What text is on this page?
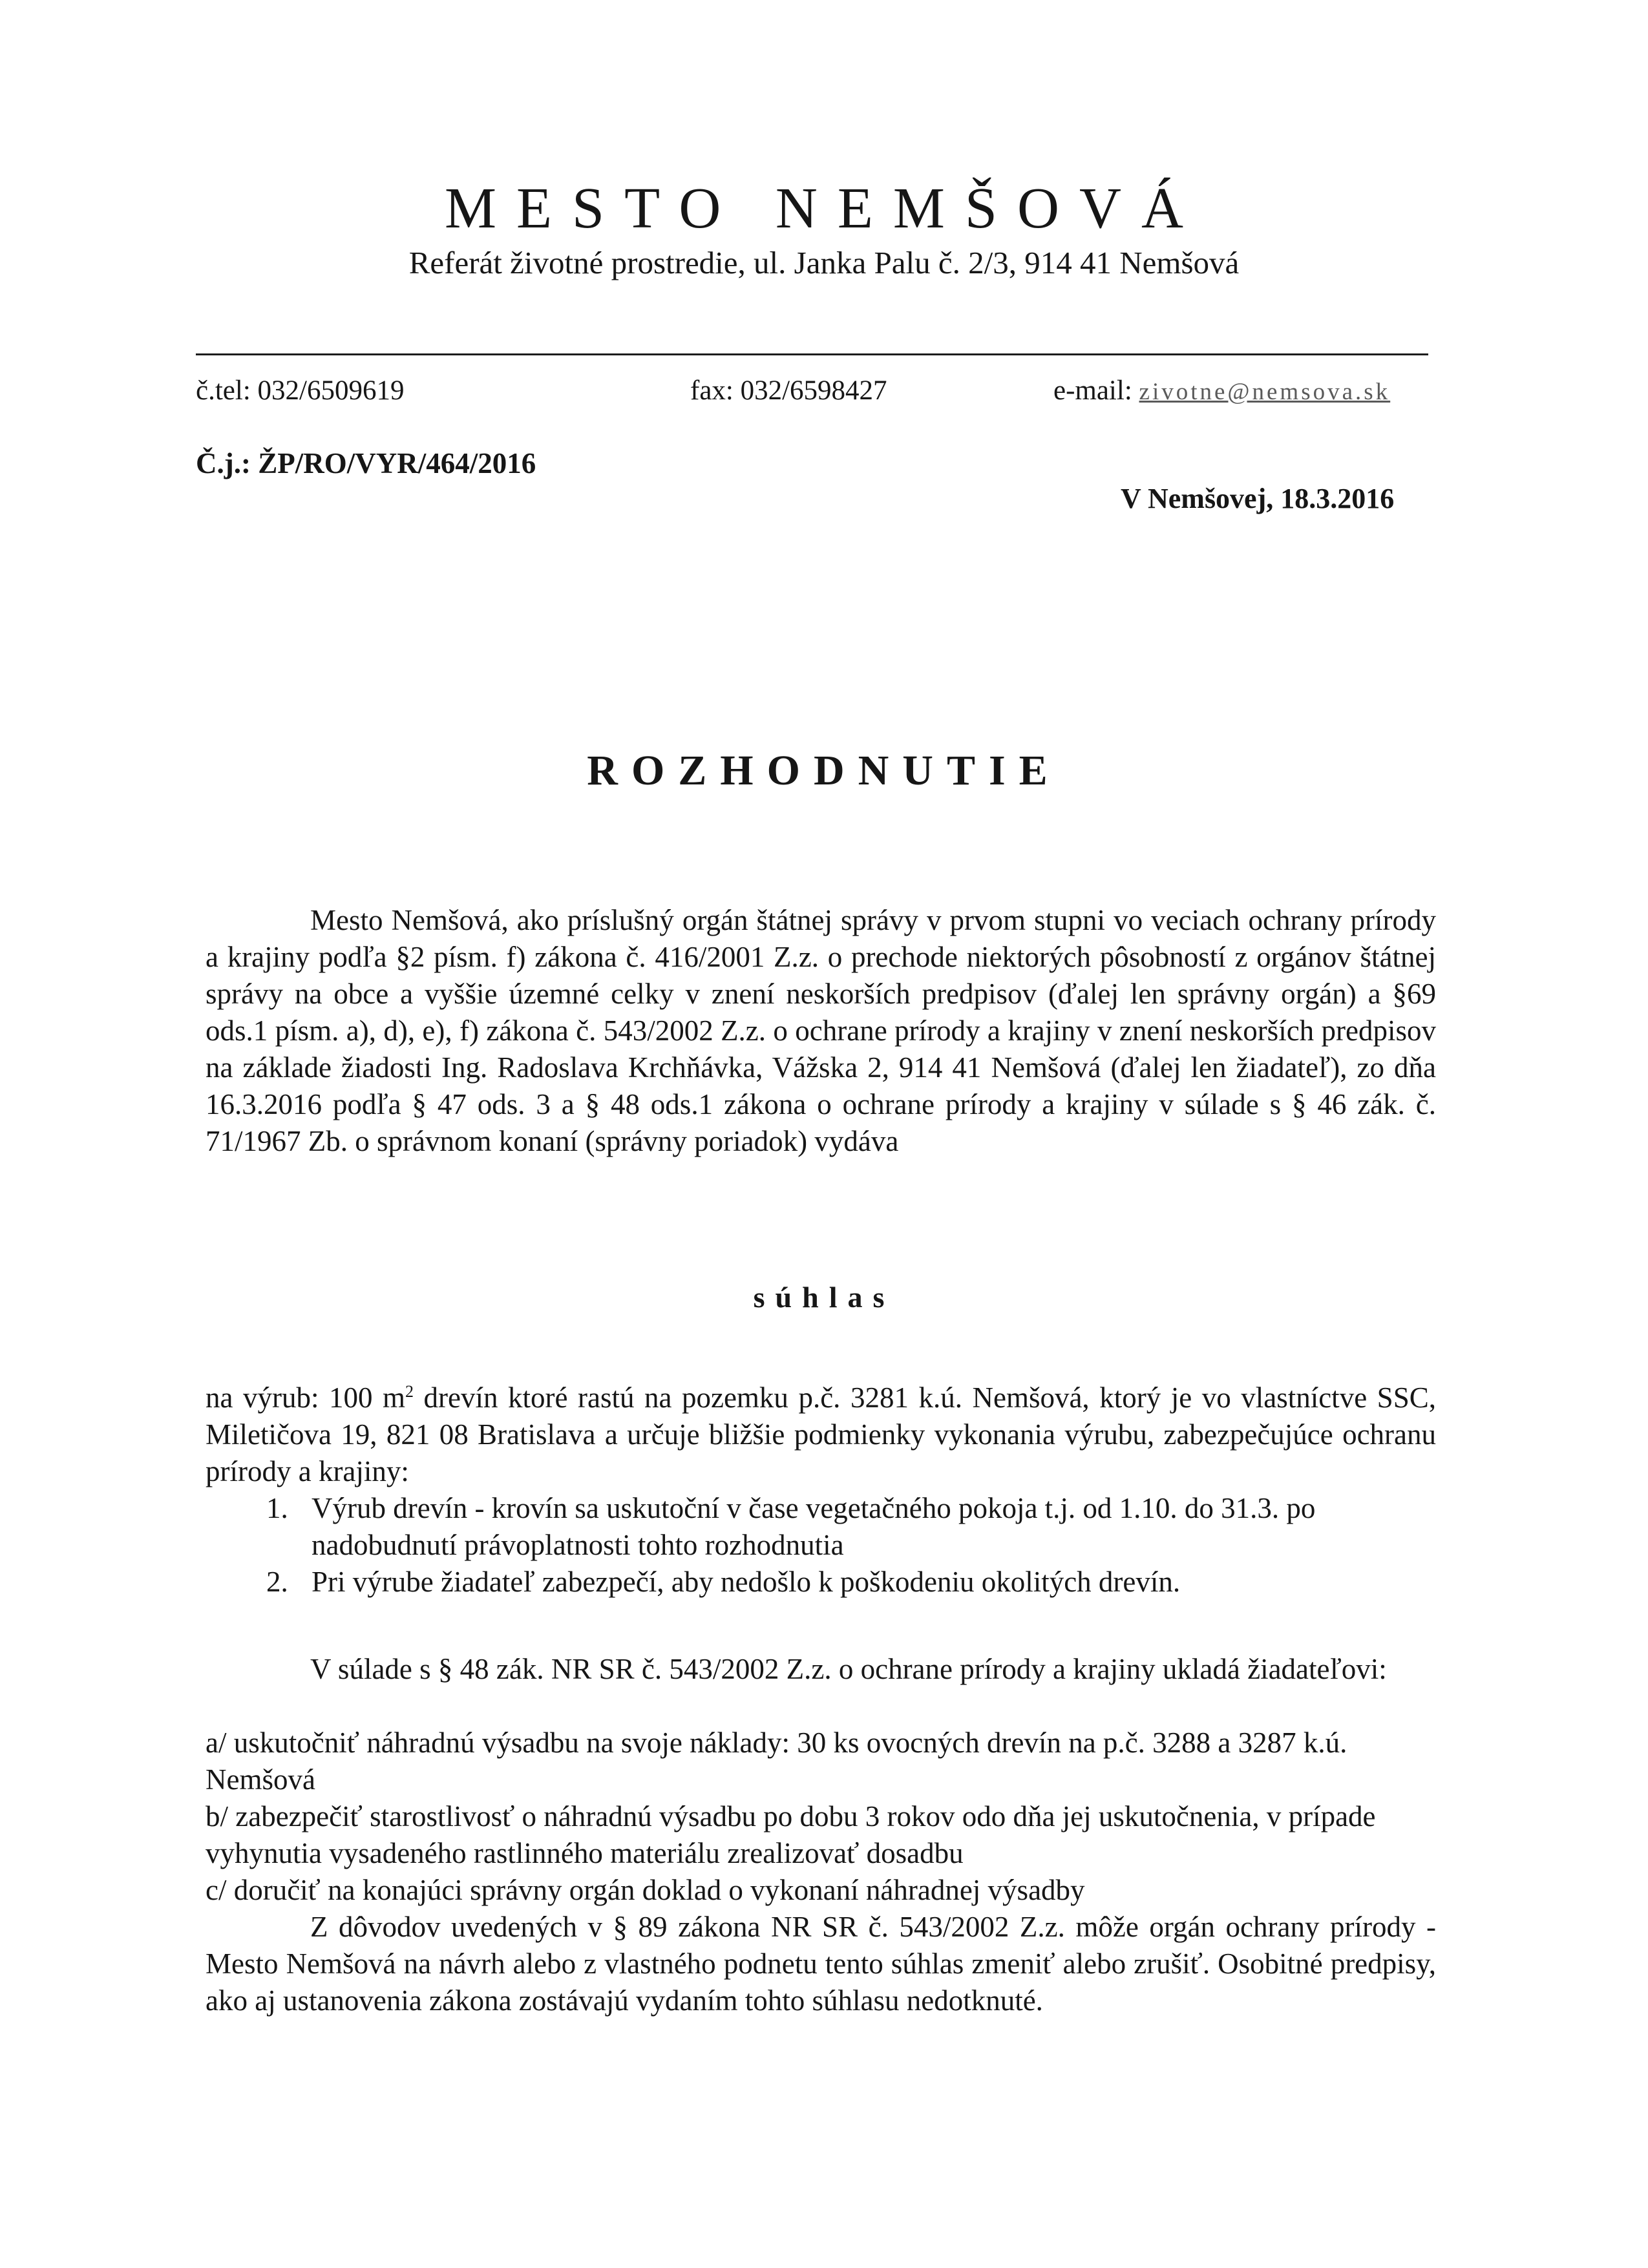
MESTO NEMŠOVÁ
Referát životné prostredie, ul. Janka Palu č. 2/3, 914 41 Nemšová
č.tel: 032/6509619	fax: 032/6598427	e-mail: zivotne@nemsova.sk
Č.j.: ŽP/RO/VYR/464/2016
V Nemšovej, 18.3.2016
ROZHODNUTIE

Mesto Nemšová, ako príslušný orgán štátnej správy v prvom stupni vo veciach ochrany prírody a krajiny podľa §2 písm. f) zákona č. 416/2001 Z.z. o prechode niektorých pôsobností z orgánov štátnej správy na obce a vyššie územné celky v znení neskorších predpisov (ďalej len správny orgán) a §69 ods.1 písm. a), d), e), f) zákona č. 543/2002 Z.z. o ochrane prírody a krajiny v znení neskorších predpisov na základe žiadosti Ing. Radoslava Krchňávka, Vážska 2, 914 41 Nemšová (ďalej len žiadateľ), zo dňa 16.3.2016 podľa § 47 ods. 3 a § 48 ods.1 zákona o ochrane prírody a krajiny v súlade s § 46 zák. č. 71/1967 Zb. o správnom konaní (správny poriadok) vydáva

súhlas

na výrub: 100 $m^2$ drevín ktoré rastú na pozemku p.č. 3281 k.ú. Nemšová, ktorý je vo vlastníctve SSC, Miletičova 19, 821 08 Bratislava a určuje bližšie podmienky vykonania výrubu, zabezpečujúce ochranu prírody a krajiny:

1. Výrub drevín - krovín sa uskutoční v čase vegetačného pokoja t.j. od 1.10. do 31.3. po nadobudnutí právoplatnosti tohto rozhodnutia
2. Pri výrube žiadateľ zabezpečí, aby nedošlo k poškodeniu okolitých drevín.

V súlade s § 48 zák. NR SR č. 543/2002 Z.z. o ochrane prírody a krajiny ukladá žiadateľovi:

a/ uskutočniť náhradnú výsadbu na svoje náklady: 30 ks ovocných drevín na p.č. 3288 a 3287 k.ú. Nemšová

b/ zabezpečiť starostlivosť o náhradnú výsadbu po dobu 3 rokov odo dňa jej uskutočnenia, v prípade vyhynutia vysadeného rastlinného materiálu zrealizovať dosadbu

c/ doručiť na konajúci správny orgán doklad o vykonaní náhradnej výsadby

Z dôvodov uvedených v § 89 zákona NR SR č. 543/2002 Z.z. môže orgán ochrany prírody - Mesto Nemšová na návrh alebo z vlastného podnetu tento súhlas zmeniť alebo zrušiť. Osobitné predpisy, ako aj ustanovenia zákona zostávajú vydaním tohto súhlasu nedotknuté.
